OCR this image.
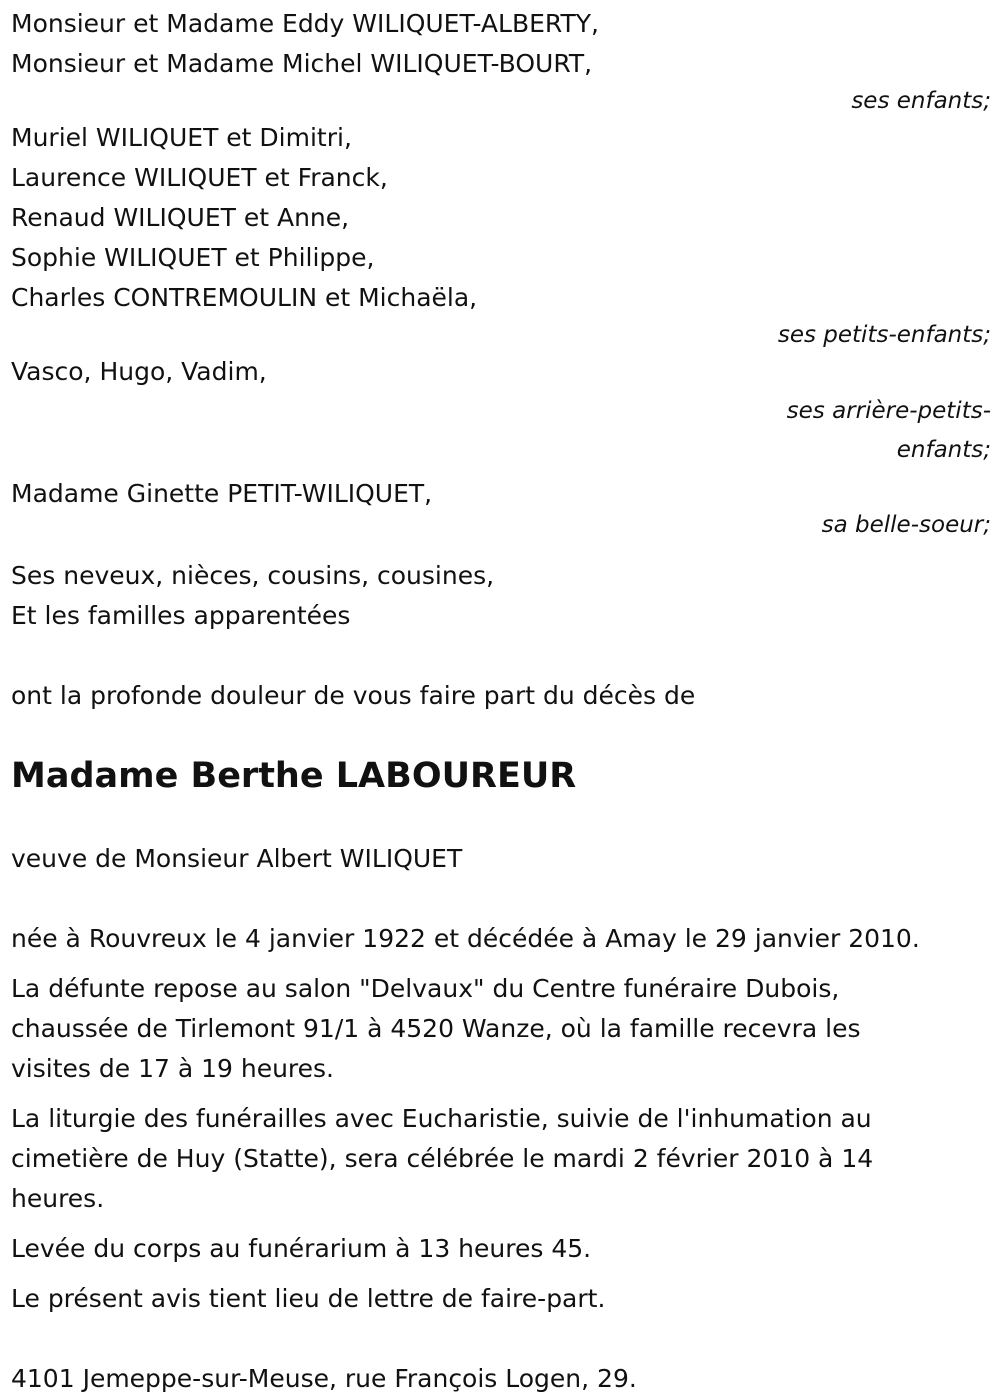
Monsieur et Madame Eddy WILIQUET-ALBERTY,
Monsieur et Madame Michel WILIQUET-BOURT,
ses enfants;
Muriel WILIQUET et Dimitri,
Laurence WILIQUET et Franck,
Renaud WILIQUET et Anne,
Sophie WILIQUET et Philippe,
Charles CONTREMOULIN et Michaëla,
ses petits-enfants;
Vasco, Hugo, Vadim,
ses arrière-petits-
enfants;
Madame Ginette PETIT-WILIQUET,
sa belle-soeur;
Ses neveux, nièces, cousins, cousines,
Et les familles apparentées
ont la profonde douleur de vous faire part du décès de
Madame Berthe LABOUREUR
veuve de Monsieur Albert WILIQUET
née à Rouvreux le 4 janvier 1922 et décédée à Amay le 29 janvier 2010.
La défunte repose au salon "Delvaux" du Centre funéraire Dubois,
chaussée de Tirlemont 91/1 à 4520 Wanze, où la famille recevra les
visites de 17 à 19 heures.
La liturgie des funérailles avec Eucharistie, suivie de l'inhumation au
cimetière de Huy (Statte), sera célébrée le mardi 2 février 2010 à 14
heures.
Levée du corps au funérarium à 13 heures 45.
Le présent avis tient lieu de lettre de faire-part.
4101 Jemeppe-sur-Meuse, rue François Logen, 29.
